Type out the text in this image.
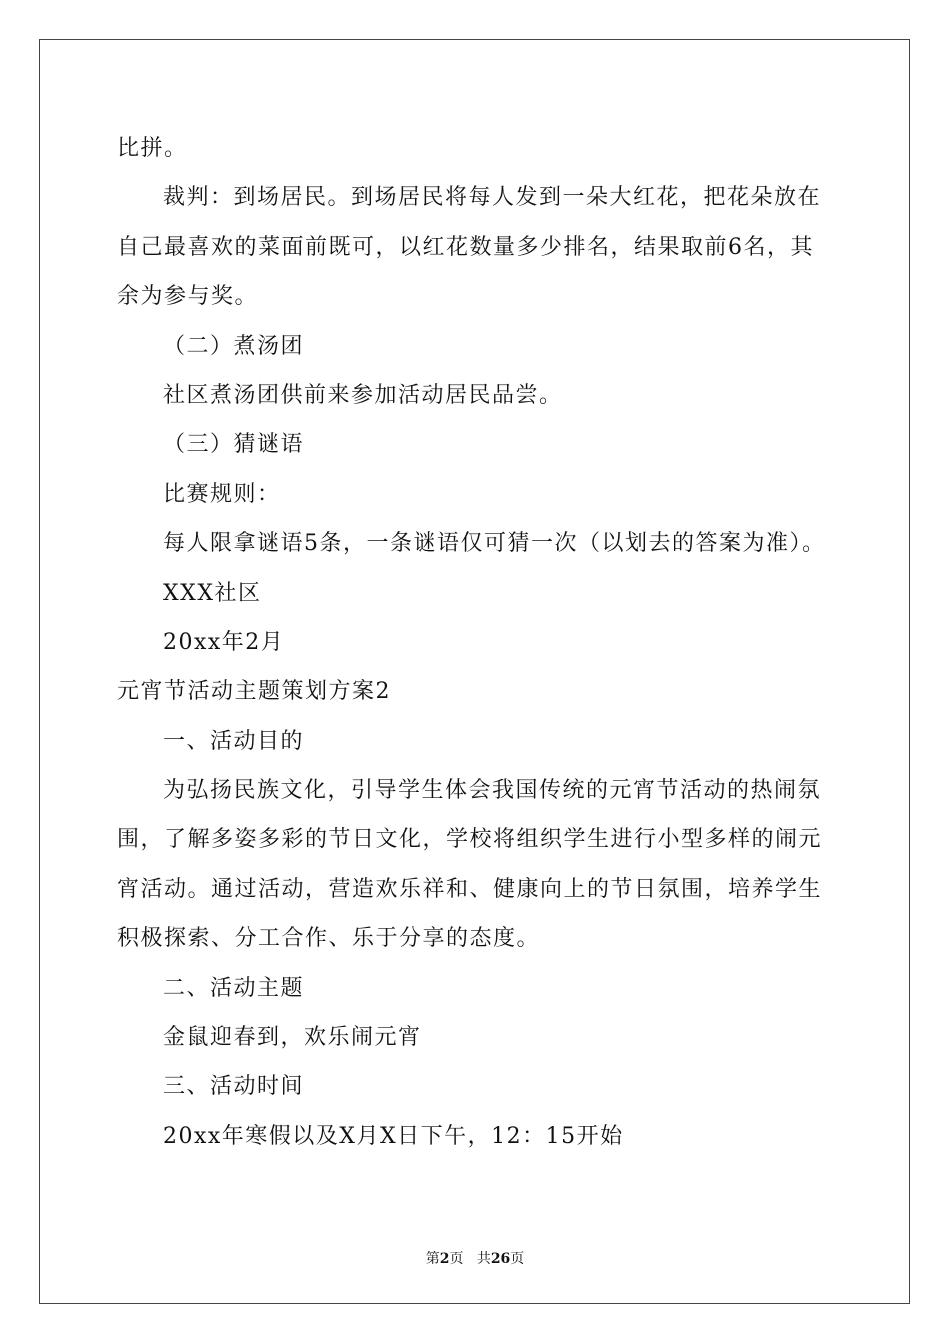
比拼。
裁判：到场居民。到场居民将每人发到一朵大红花，把花朵放在
自己最喜欢的菜面前既可，以红花数量多少排名，结果取前6名，其
余为参与奖。
（二）煮汤团
社区煮汤团供前来参加活动居民品尝。
（三）猜谜语
比赛规则：
每人限拿谜语5条，一条谜语仅可猜一次（以划去的答案为准）。
XXX社区
20xx年2月
元宵节活动主题策划方案2
一、活动目的
为弘扬民族文化，引导学生体会我国传统的元宵节活动的热闹氛
围，了解多姿多彩的节日文化，学校将组织学生进行小型多样的闹元
宵活动。通过活动，营造欢乐祥和、健康向上的节日氛围，培养学生
积极探索、分工合作、乐于分享的态度。
二、活动主题
金鼠迎春到，欢乐闹元宵
三、活动时间
20xx年寒假以及X月X日下午，12：15开始
第2页 共26页
